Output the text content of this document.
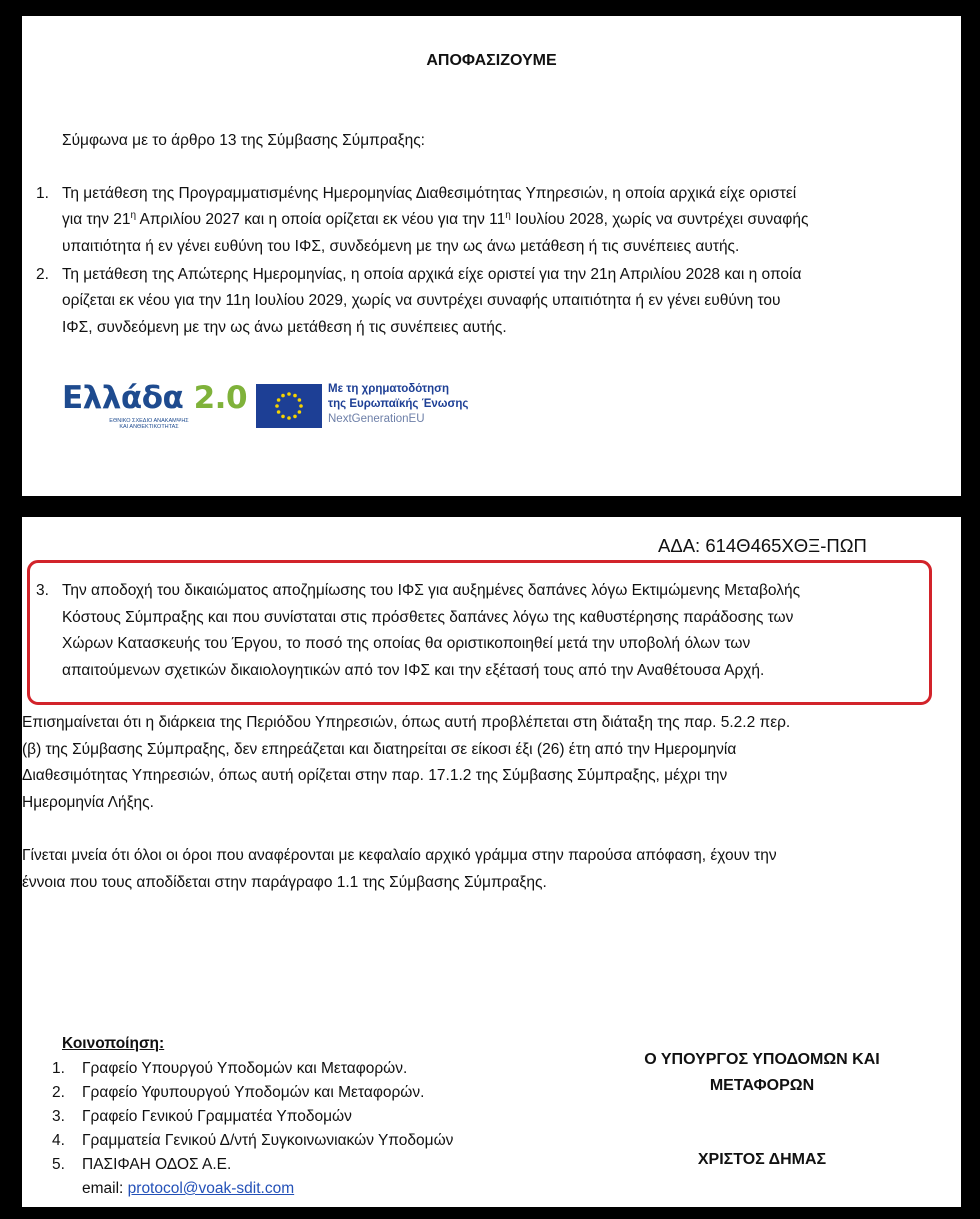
ΑΠΟΦΑΣΙΖΟΥΜΕ
Σύμφωνα με το άρθρο 13 της Σύμβασης Σύμπραξης:
1. Τη μετάθεση της Προγραμματισμένης Ημερομηνίας Διαθεσιμότητας Υπηρεσιών, η οποία αρχικά είχε οριστεί
για την $21^\eta$ Απριλίου 2027 και η οποία ορίζεται εκ νέου για την $11^\eta$ Ιουλίου 2028, χωρίς να συντρέχει συναφής
υπαιτιότητα ή εν γένει ευθύνη του ΙΦΣ, συνδεόμενη με την ως άνω μετάθεση ή τις συνέπειες αυτής.
2. Τη μετάθεση της Απώτερης Ημερομηνίας, η οποία αρχικά είχε οριστεί για την 21η Απριλίου 2028 και η οποία
ορίζεται εκ νέου για την 11η Ιουλίου 2029, χωρίς να συντρέχει συναφής υπαιτιότητα ή εν γένει ευθύνη του
ΙΦΣ, συνδεόμενη με την ως άνω μετάθεση ή τις συνέπειες αυτής.
Ελλάδα 2.0
ΕΘΝΙΚΟ ΣΧΕΔΙΟ ΑΝΑΚΑΜΨΗΣ
ΚΑΙ ΑΝΘΕΚΤΙΚΟΤΗΤΑΣ
Με τη χρηματοδότηση
της Ευρωπαϊκής Ένωσης
NextGenerationEU
ΑΔΑ: 614Θ465ΧΘΞ-ΠΩΠ
3. Την αποδοχή του δικαιώματος αποζημίωσης του ΙΦΣ για αυξημένες δαπάνες λόγω Εκτιμώμενης Μεταβολής
Κόστους Σύμπραξης και που συνίσταται στις πρόσθετες δαπάνες λόγω της καθυστέρησης παράδοσης των
Χώρων Κατασκευής του Έργου, το ποσό της οποίας θα οριστικοποιηθεί μετά την υποβολή όλων των
απαιτούμενων σχετικών δικαιολογητικών από τον ΙΦΣ και την εξέτασή τους από την Αναθέτουσα Αρχή.
Επισημαίνεται ότι η διάρκεια της Περιόδου Υπηρεσιών, όπως αυτή προβλέπεται στη διάταξη της παρ. 5.2.2 περ.
(β) της Σύμβασης Σύμπραξης, δεν επηρεάζεται και διατηρείται σε είκοσι έξι (26) έτη από την Ημερομηνία
Διαθεσιμότητας Υπηρεσιών, όπως αυτή ορίζεται στην παρ. 17.1.2 της Σύμβασης Σύμπραξης, μέχρι την
Ημερομηνία Λήξης.
Γίνεται μνεία ότι όλοι οι όροι που αναφέρονται με κεφαλαίο αρχικό γράμμα στην παρούσα απόφαση, έχουν την
έννοια που τους αποδίδεται στην παράγραφο 1.1 της Σύμβασης Σύμπραξης.
Κοινοποίηση:
1. Γραφείο Υπουργού Υποδομών και Μεταφορών.
2. Γραφείο Υφυπουργού Υποδομών και Μεταφορών.
3. Γραφείο Γενικού Γραμματέα Υποδομών
4. Γραμματεία Γενικού Δ/ντή Συγκοινωνιακών Υποδομών
5. ΠΑΣΙΦΑΗ ΟΔΟΣ Α.Ε.
email: protocol@voak-sdit.com
Ο ΥΠΟΥΡΓΟΣ ΥΠΟΔΟΜΩΝ ΚΑΙ
ΜΕΤΑΦΟΡΩΝ
ΧΡΙΣΤΟΣ ΔΗΜΑΣ
